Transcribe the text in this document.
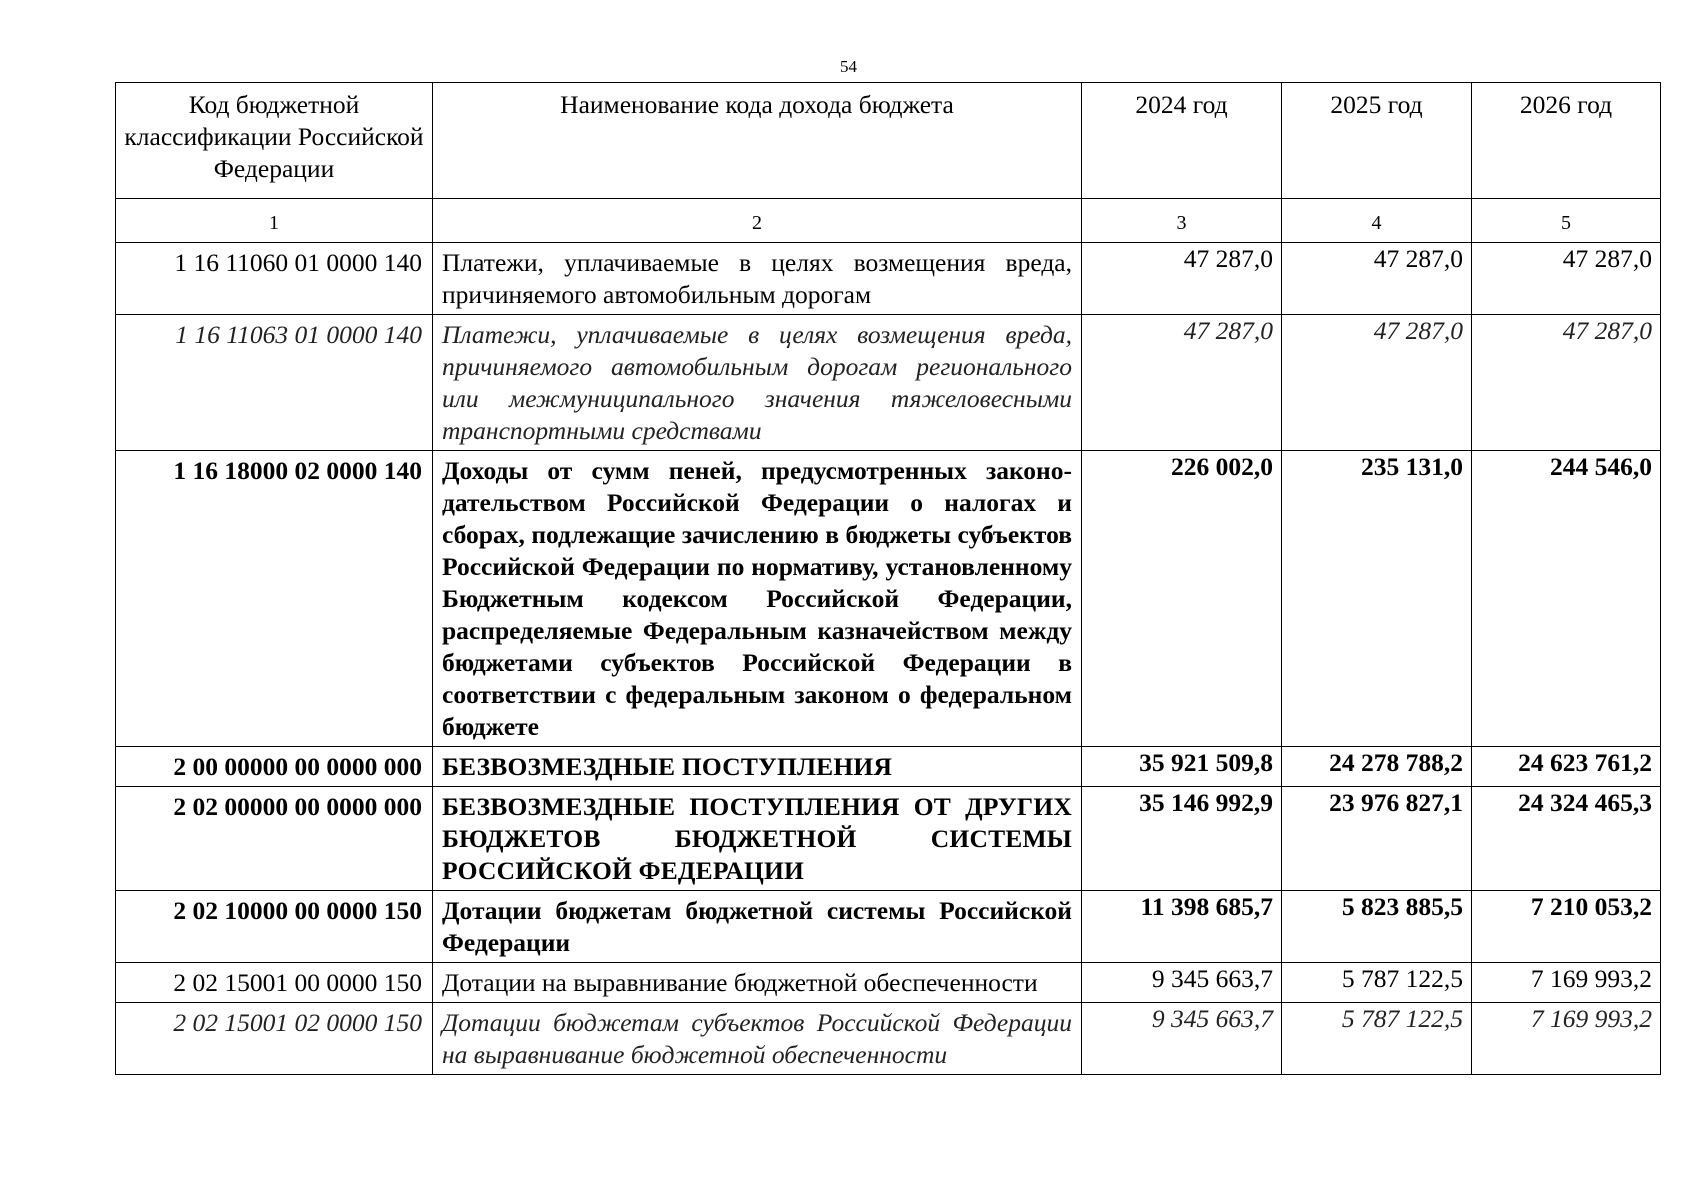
54
Код бюджетной классификации Российской Федерации	Наименование кода дохода бюджета	2024 год	2025 год	2026 год
1	2	3	4	5
1 16 11060 01 0000 140	Платежи, уплачиваемые в целях возмещения вреда, причиняемого автомобильным дорогам	47 287,0	47 287,0	47 287,0
1 16 11063 01 0000 140	Платежи, уплачиваемые в целях возмещения вреда, причиняемого автомобильным дорогам регионального или межмуниципального значения тяжеловесными транспортными средствами	47 287,0	47 287,0	47 287,0
1 16 18000 02 0000 140	Доходы от сумм пеней, предусмотренных законодательством Российской Федерации о налогах и сборах, подлежащие зачислению в бюджеты субъектов Российской Федерации по нормативу, установленному Бюджетным кодексом Российской Федерации, распределяемые Федеральным казначейством между бюджетами субъектов Российской Федерации в соответствии с федеральным законом о федеральном бюджете	226 002,0	235 131,0	244 546,0
2 00 00000 00 0000 000	БЕЗВОЗМЕЗДНЫЕ ПОСТУПЛЕНИЯ	35 921 509,8	24 278 788,2	24 623 761,2
2 02 00000 00 0000 000	БЕЗВОЗМЕЗДНЫЕ ПОСТУПЛЕНИЯ ОТ ДРУГИХ БЮДЖЕТОВ БЮДЖЕТНОЙ СИСТЕМЫ РОССИЙСКОЙ ФЕДЕРАЦИИ	35 146 992,9	23 976 827,1	24 324 465,3
2 02 10000 00 0000 150	Дотации бюджетам бюджетной системы Российской Федерации	11 398 685,7	5 823 885,5	7 210 053,2
2 02 15001 00 0000 150	Дотации на выравнивание бюджетной обеспеченности	9 345 663,7	5 787 122,5	7 169 993,2
2 02 15001 02 0000 150	Дотации бюджетам субъектов Российской Федерации на выравнивание бюджетной обеспеченности	9 345 663,7	5 787 122,5	7 169 993,2
